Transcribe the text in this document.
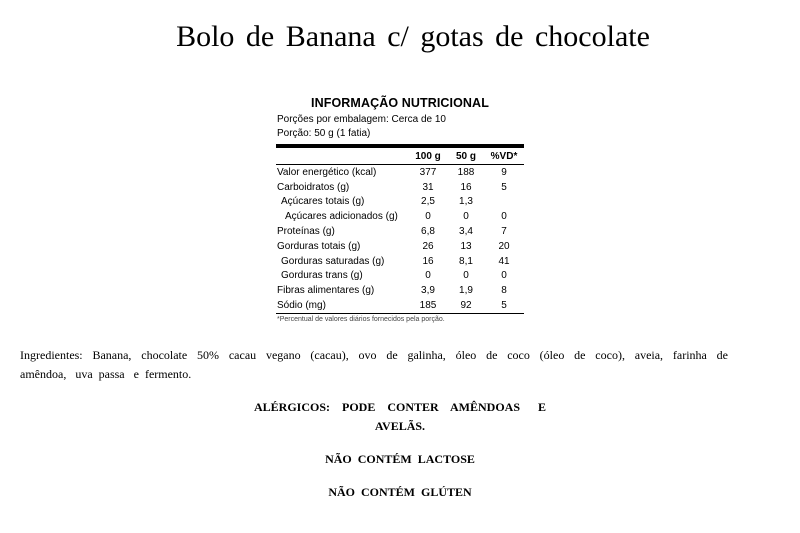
Bolo de Banana c/ gotas de chocolate
INFORMAÇÃO NUTRICIONAL
Porções por embalagem: Cerca de 10
Porção: 50 g (1 fatia)
	100 g	50 g	%VD*
Valor energético (kcal)	377	188	9
Carboidratos (g)	31	16	5
Açúcares totais (g)	2,5	1,3	
Açúcares adicionados (g)	0	0	0
Proteínas (g)	6,8	3,4	7
Gorduras totais (g)	26	13	20
Gorduras saturadas (g)	16	8,1	41
Gorduras trans (g)	0	0	0
Fibras alimentares (g)	3,9	1,9	8
Sódio (mg)	185	92	5
*Percentual de valores diários fornecidos pela porção.
Ingredientes: Banana, chocolate 50% cacau vegano (cacau), ovo de galinha, óleo de coco (óleo de coco), aveia, farinha de
amêndoa,   uva  passa   e  fermento.
ALÉRGICOS:  PODE  CONTER  AMÊNDOAS   E
AVELÃS.
NÃO CONTÉM LACTOSE
NÃO CONTÉM GLÚTEN
